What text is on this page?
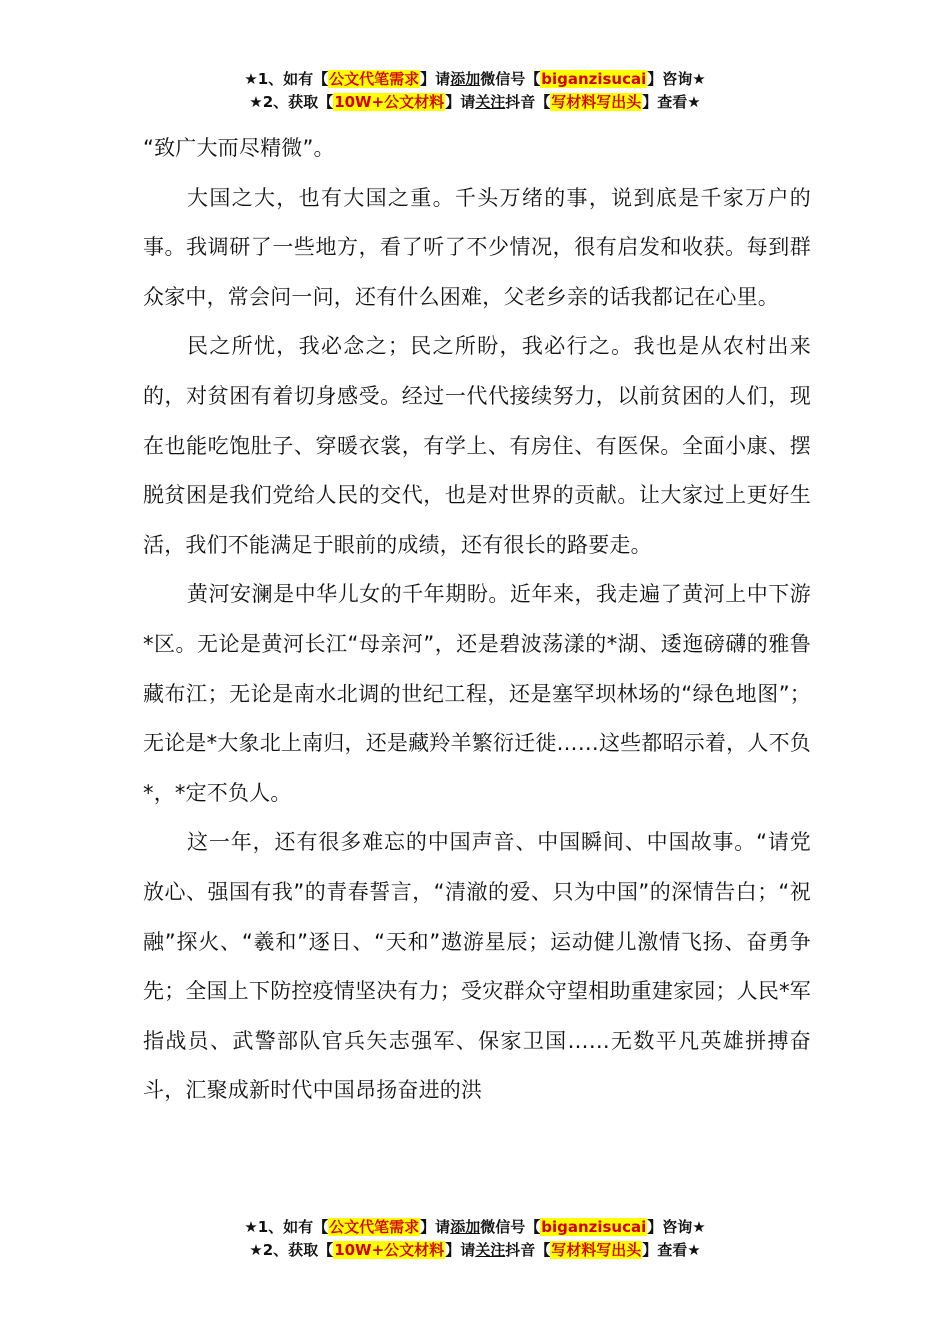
★1、如有【公文代笔需求】请添加微信号【biganzisucai】咨询★
★2、获取【10W+公文材料】请关注抖音【写材料写出头】查看★

“致广大而尽精微”。

大国之大，也有大国之重。千头万绪的事，说到底是千家万户的事。我调研了一些地方，看了听了不少情况，很有启发和收获。每到群众家中，常会问一问，还有什么困难，父老乡亲的话我都记在心里。

民之所忧，我必念之；民之所盼，我必行之。我也是从农村出来的，对贫困有着切身感受。经过一代代接续努力，以前贫困的人们，现在也能吃饱肚子、穿暖衣裳，有学上、有房住、有医保。全面小康、摆脱贫困是我们党给人民的交代，也是对世界的贡献。让大家过上更好生活，我们不能满足于眼前的成绩，还有很长的路要走。

黄河安澜是中华儿女的千年期盼。近年来，我走遍了黄河上中下游*区。无论是黄河长江“母亲河”，还是碧波荡漾的*湖、逶迤磅礴的雅鲁藏布江；无论是南水北调的世纪工程，还是塞罕坝林场的“绿色地图”；无论是*大象北上南归，还是藏羚羊繁衍迁徙……这些都昭示着，人不负*，*定不负人。

这一年，还有很多难忘的中国声音、中国瞬间、中国故事。“请党放心、强国有我”的青春誓言，“清澈的爱、只为中国”的深情告白；“祝融”探火、“羲和”逐日、“天和”遨游星辰；运动健儿激情飞扬、奋勇争先；全国上下防控疫情坚决有力；受灾群众守望相助重建家园；人民*军指战员、武警部队官兵矢志强军、保家卫国……无数平凡英雄拼搏奋斗，汇聚成新时代中国昂扬奋进的洪

★1、如有【公文代笔需求】请添加微信号【biganzisucai】咨询★
★2、获取【10W+公文材料】请关注抖音【写材料写出头】查看★
